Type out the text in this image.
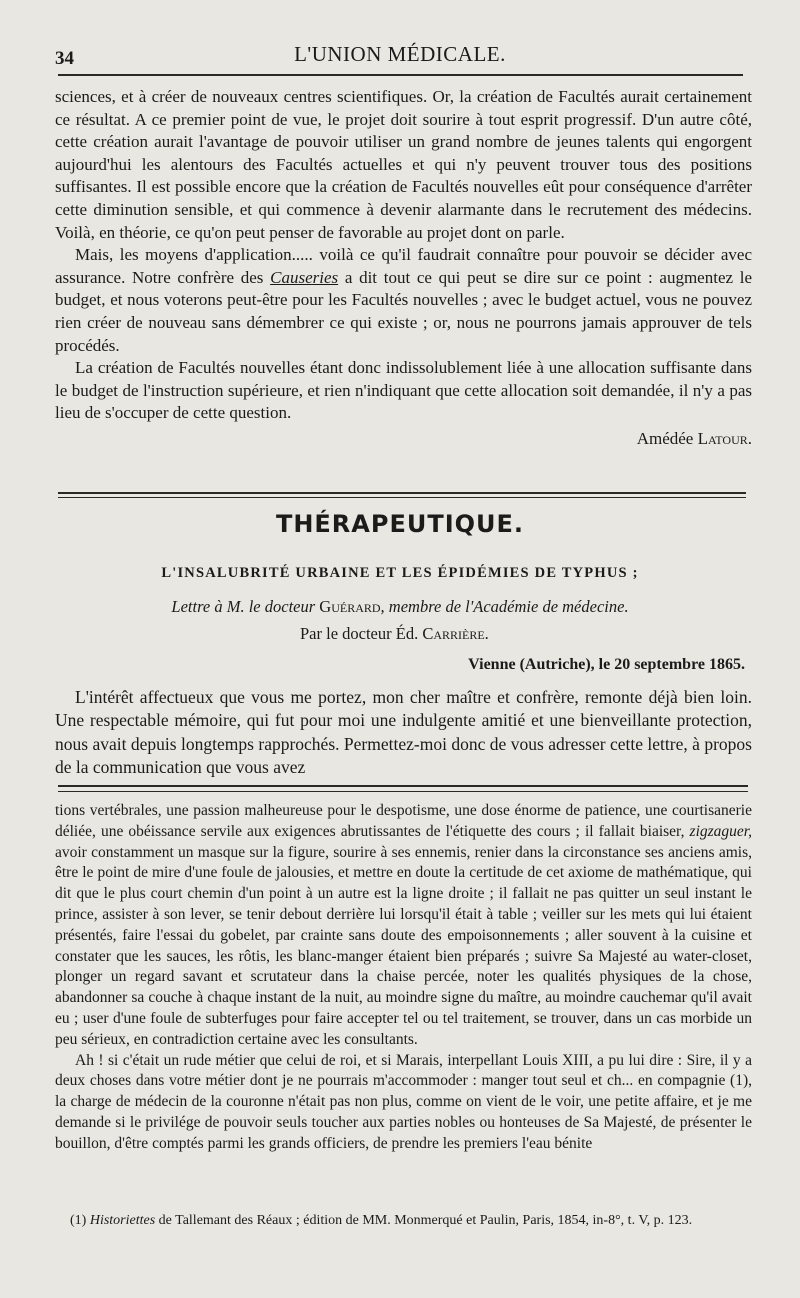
34	L'UNION MÉDICALE.

sciences, et à créer de nouveaux centres scientifiques. Or, la création de Facultés aurait certainement ce résultat. A ce premier point de vue, le projet doit sourire à tout esprit progressif. D'un autre côté, cette création aurait l'avantage de pouvoir utiliser un grand nombre de jeunes talents qui engorgent aujourd'hui les alentours des Facultés actuelles et qui n'y peuvent trouver tous des positions suffisantes. Il est possible encore que la création de Facultés nouvelles eût pour conséquence d'arrêter cette diminution sensible, et qui commence à devenir alarmante dans le recrutement des médecins. Voilà, en théorie, ce qu'on peut penser de favorable au projet dont on parle.

Mais, les moyens d'application..... voilà ce qu'il faudrait connaître pour pouvoir se décider avec assurance. Notre confrère des Causeries a dit tout ce qui peut se dire sur ce point : augmentez le budget, et nous voterons peut-être pour les Facultés nouvelles ; avec le budget actuel, vous ne pouvez rien créer de nouveau sans démembrer ce qui existe ; or, nous ne pourrons jamais approuver de tels procédés.

La création de Facultés nouvelles étant donc indissolublement liée à une allocation suffisante dans le budget de l'instruction supérieure, et rien n'indiquant que cette allocation soit demandée, il n'y a pas lieu de s'occuper de cette question.

Amédée Latour.
THÉRAPEUTIQUE.
L'INSALUBRITÉ URBAINE ET LES ÉPIDÉMIES DE TYPHUS ;
Lettre à M. le docteur Guérard, membre de l'Académie de médecine.
Par le docteur Éd. Carrière.
Vienne (Autriche), le 20 septembre 1865.

L'intérêt affectueux que vous me portez, mon cher maître et confrère, remonte déjà bien loin. Une respectable mémoire, qui fut pour moi une indulgente amitié et une bienveillante protection, nous avait depuis longtemps rapprochés. Permettez-moi donc de vous adresser cette lettre, à propos de la communication que vous avez

tions vertébrales, une passion malheureuse pour le despotisme, une dose énorme de patience, une courtisanerie déliée, une obéissance servile aux exigences abrutissantes de l'étiquette des cours ; il fallait biaiser, zigzaguer, avoir constamment un masque sur la figure, sourire à ses ennemis, renier dans la circonstance ses anciens amis, être le point de mire d'une foule de jalousies, et mettre en doute la certitude de cet axiome de mathématique, qui dit que le plus court chemin d'un point à un autre est la ligne droite ; il fallait ne pas quitter un seul instant le prince, assister à son lever, se tenir debout derrière lui lorsqu'il était à table ; veiller sur les mets qui lui étaient présentés, faire l'essai du gobelet, par crainte sans doute des empoisonnements ; aller souvent à la cuisine et constater que les sauces, les rôtis, les blanc-manger étaient bien préparés ; suivre Sa Majesté au water-closet, plonger un regard savant et scrutateur dans la chaise percée, noter les qualités physiques de la chose, abandonner sa couche à chaque instant de la nuit, au moindre signe du maître, au moindre cauchemar qu'il avait eu ; user d'une foule de subterfuges pour faire accepter tel ou tel traitement, se trouver, dans un cas morbide un peu sérieux, en contradiction certaine avec les consultants.

Ah ! si c'était un rude métier que celui de roi, et si Marais, interpellant Louis XIII, a pu lui dire : Sire, il y a deux choses dans votre métier dont je ne pourrais m'accommoder : manger tout seul et ch... en compagnie (1), la charge de médecin de la couronne n'était pas non plus, comme on vient de le voir, une petite affaire, et je me demande si le privilége de pouvoir seuls toucher aux parties nobles ou honteuses de Sa Majesté, de présenter le bouillon, d'être comptés parmi les grands officiers, de prendre les premiers l'eau bénite

(1) Historiettes de Tallemant des Réaux ; édition de MM. Monmerqué et Paulin, Paris, 1854, in-8°, t. V, p. 123.
